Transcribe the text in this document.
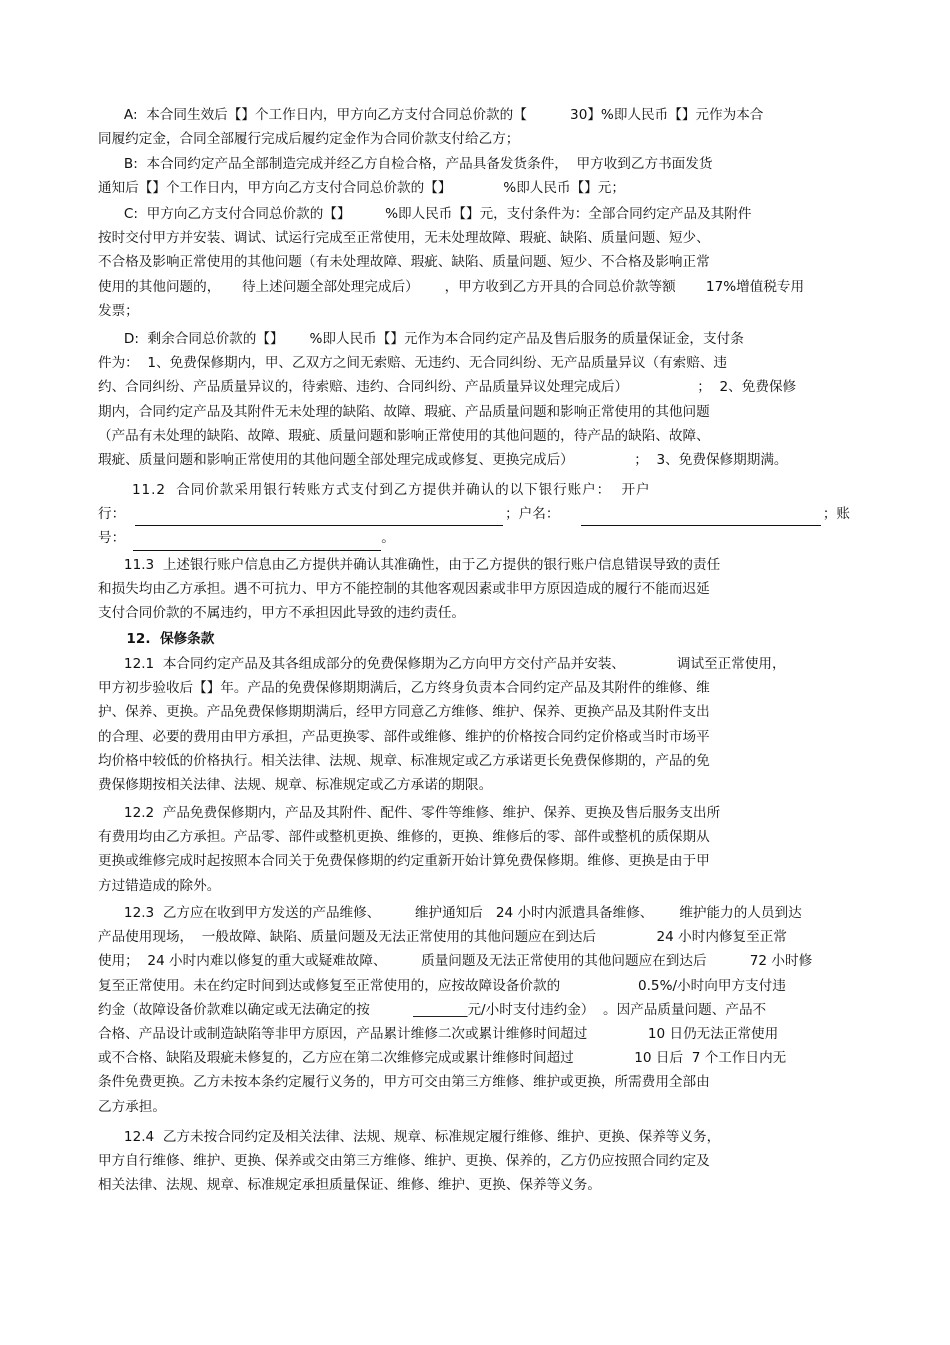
A:  本合同生效后【】个工作日内，甲方向乙方支付合同总价款的【          30】%即人民币【】元作为本合
同履约定金，合同全部履行完成后履约定金作为合同价款支付给乙方；
B:  本合同约定产品全部制造完成并经乙方自检合格，产品具备发货条件，  甲方收到乙方书面发货
通知后【】个工作日内，甲方向乙方支付合同总价款的【】            %即人民币【】元；
C:  甲方向乙方支付合同总价款的【】        %即人民币【】元，支付条件为：全部合同约定产品及其附件
按时交付甲方并安装、调试、试运行完成至正常使用，无未处理故障、瑕疵、缺陷、质量问题、短少、
不合格及影响正常使用的其他问题（有未处理故障、瑕疵、缺陷、质量问题、短少、不合格及影响正常
使用的其他问题的，     待上述问题全部处理完成后）      ，甲方收到乙方开具的合同总价款等额       17%增值税专用
发票；
D:  剩余合同总价款的【】      %即人民币【】元作为本合同约定产品及售后服务的质量保证金，支付条
件为：  1、免费保修期内，甲、乙双方之间无索赔、无违约、无合同纠纷、无产品质量异议（有索赔、违
约、合同纠纷、产品质量异议的，待索赔、违约、合同纠纷、产品质量异议处理完成后）                ；  2、免费保修
期内，合同约定产品及其附件无未处理的缺陷、故障、瑕疵、产品质量问题和影响正常使用的其他问题
（产品有未处理的缺陷、故障、瑕疵、质量问题和影响正常使用的其他问题的，待产品的缺陷、故障、
瑕疵、质量问题和影响正常使用的其他问题全部处理完成或修复、更换完成后）              ；  3、免费保修期期满。
11.2  合同价款采用银行转账方式支付到乙方提供并确认的以下银行账户：  开户
行：	；户名：	；账
号：	。
11.3  上述银行账户信息由乙方提供并确认其准确性，由于乙方提供的银行账户信息错误导致的责任
和损失均由乙方承担。遇不可抗力、甲方不能控制的其他客观因素或非甲方原因造成的履行不能而迟延
支付合同价款的不属违约，甲方不承担因此导致的违约责任。
12.  保修条款
12.1  本合同约定产品及其各组成部分的免费保修期为乙方向甲方交付产品并安装、            调试至正常使用，
甲方初步验收后【】年。产品的免费保修期期满后，乙方终身负责本合同约定产品及其附件的维修、维
护、保养、更换。产品免费保修期期满后，经甲方同意乙方维修、维护、保养、更换产品及其附件支出
的合理、必要的费用由甲方承担，产品更换零、部件或维修、维护的价格按合同约定价格或当时市场平
均价格中较低的价格执行。相关法律、法规、规章、标准规定或乙方承诺更长免费保修期的，产品的免
费保修期按相关法律、法规、规章、标准规定或乙方承诺的期限。
12.2  产品免费保修期内，产品及其附件、配件、零件等维修、维护、保养、更换及售后服务支出所
有费用均由乙方承担。产品零、部件或整机更换、维修的，更换、维修后的零、部件或整机的质保期从
更换或维修完成时起按照本合同关于免费保修期的约定重新开始计算免费保修期。维修、更换是由于甲
方过错造成的除外。
12.3  乙方应在收到甲方发送的产品维修、        维护通知后   24 小时内派遣具备维修、      维护能力的人员到达
产品使用现场，  一般故障、缺陷、质量问题及无法正常使用的其他问题应在到达后              24 小时内修复至正常
使用；  24 小时内难以修复的重大或疑难故障、        质量问题及无法正常使用的其他问题应在到达后          72 小时修
复至正常使用。未在约定时间到达或修复至正常使用的，应按故障设备价款的                  0.5%/小时向甲方支付违
约金（故障设备价款难以确定或无法确定的按          ________元/小时支付违约金）  。因产品质量问题、产品不
合格、产品设计或制造缺陷等非甲方原因，产品累计维修二次或累计维修时间超过              10 日仍无法正常使用
或不合格、缺陷及瑕疵未修复的，乙方应在第二次维修完成或累计维修时间超过              10 日后  7 个工作日内无
条件免费更换。乙方未按本条约定履行义务的，甲方可交由第三方维修、维护或更换，所需费用全部由
乙方承担。
12.4  乙方未按合同约定及相关法律、法规、规章、标准规定履行维修、维护、更换、保养等义务，
甲方自行维修、维护、更换、保养或交由第三方维修、维护、更换、保养的，乙方仍应按照合同约定及
相关法律、法规、规章、标准规定承担质量保证、维修、维护、更换、保养等义务。
